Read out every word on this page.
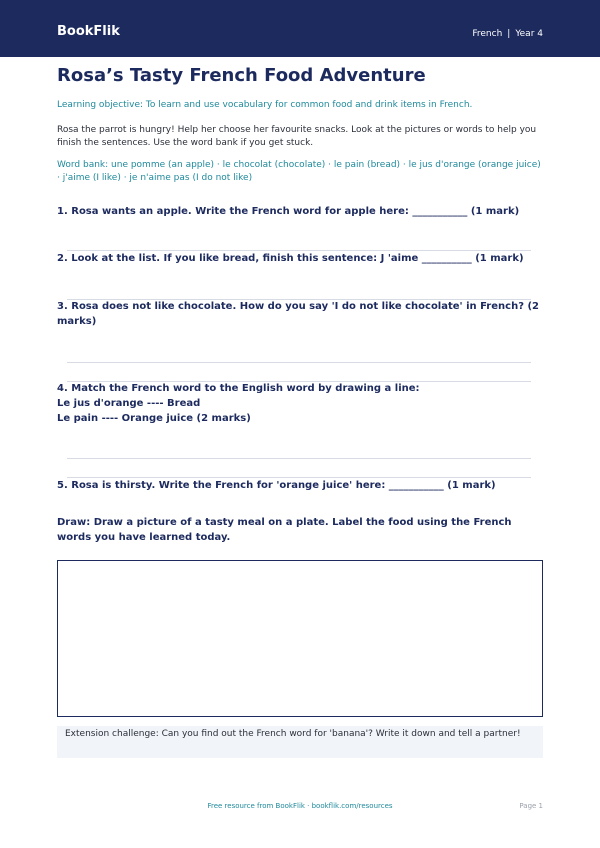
BookFlik	French | Year 4
Rosa’s Tasty French Food Adventure
Learning objective: To learn and use vocabulary for common food and drink items in French.
Rosa the parrot is hungry! Help her choose her favourite snacks. Look at the pictures or words to help you finish the sentences. Use the word bank if you get stuck.
Word bank: une pomme (an apple) · le chocolat (chocolate) · le pain (bread) · le jus d'orange (orange juice) · j'aime (I like) · je n'aime pas (I do not like)

1. Rosa wants an apple. Write the French word for apple here: ___________ (1 mark)

2. Look at the list. If you like bread, finish this sentence: J 'aime __________ (1 mark)

3. Rosa does not like chocolate. How do you say 'I do not like chocolate' in French? (2 marks)

4. Match the French word to the English word by drawing a line:

Le jus d'orange ---- Bread

Le pain ---- Orange juice (2 marks)

5. Rosa is thirsty. Write the French for 'orange juice' here: ___________ (1 mark)

Draw: Draw a picture of a tasty meal on a plate. Label the food using the French words you have learned today.

Extension challenge: Can you find out the French word for 'banana'? Write it down and tell a partner!
Free resource from BookFlik · bookflik.com/resources	Page 1
